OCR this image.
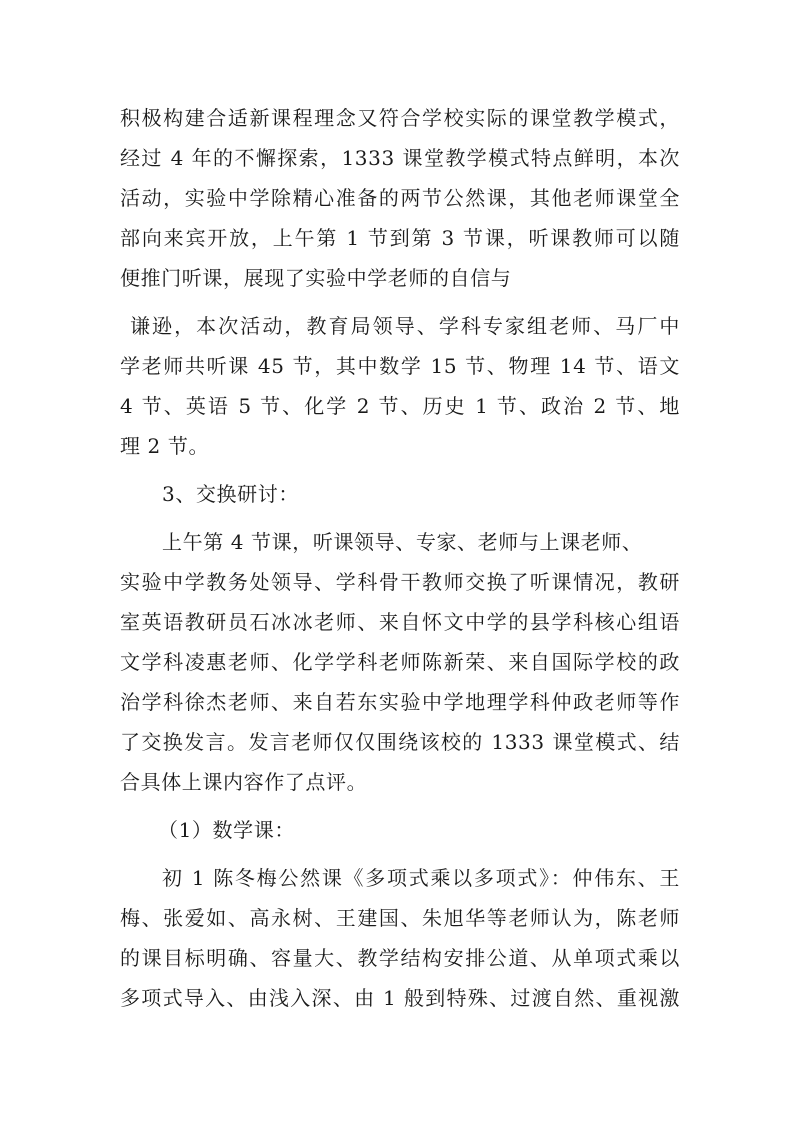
积极构建合适新课程理念又符合学校实际的课堂教学模式，
经过 4 年的不懈探索，1333 课堂教学模式特点鲜明，本次
活动，实验中学除精心准备的两节公然课，其他老师课堂全
部向来宾开放，上午第 1 节到第 3 节课，听课教师可以随
便推门听课，展现了实验中学老师的自信与
谦逊，本次活动，教育局领导、学科专家组老师、马厂中
学老师共听课 45 节，其中数学 15 节、物理 14 节、语文
4 节、英语 5 节、化学 2 节、历史 1 节、政治 2 节、地
理 2 节。
3、交换研讨：
上午第 4 节课，听课领导、专家、老师与上课老师、
实验中学教务处领导、学科骨干教师交换了听课情况，教研
室英语教研员石冰冰老师、来自怀文中学的县学科核心组语
文学科凌惠老师、化学学科老师陈新荣、来自国际学校的政
治学科徐杰老师、来自若东实验中学地理学科仲政老师等作
了交换发言。发言老师仅仅围绕该校的 1333 课堂模式、结
合具体上课内容作了点评。
（1）数学课：
初 1 陈冬梅公然课《多项式乘以多项式》：仲伟东、王
梅、张爱如、高永树、王建国、朱旭华等老师认为，陈老师
的课目标明确、容量大、教学结构安排公道、从单项式乘以
多项式导入、由浅入深、由 1 般到特殊、过渡自然、重视激
